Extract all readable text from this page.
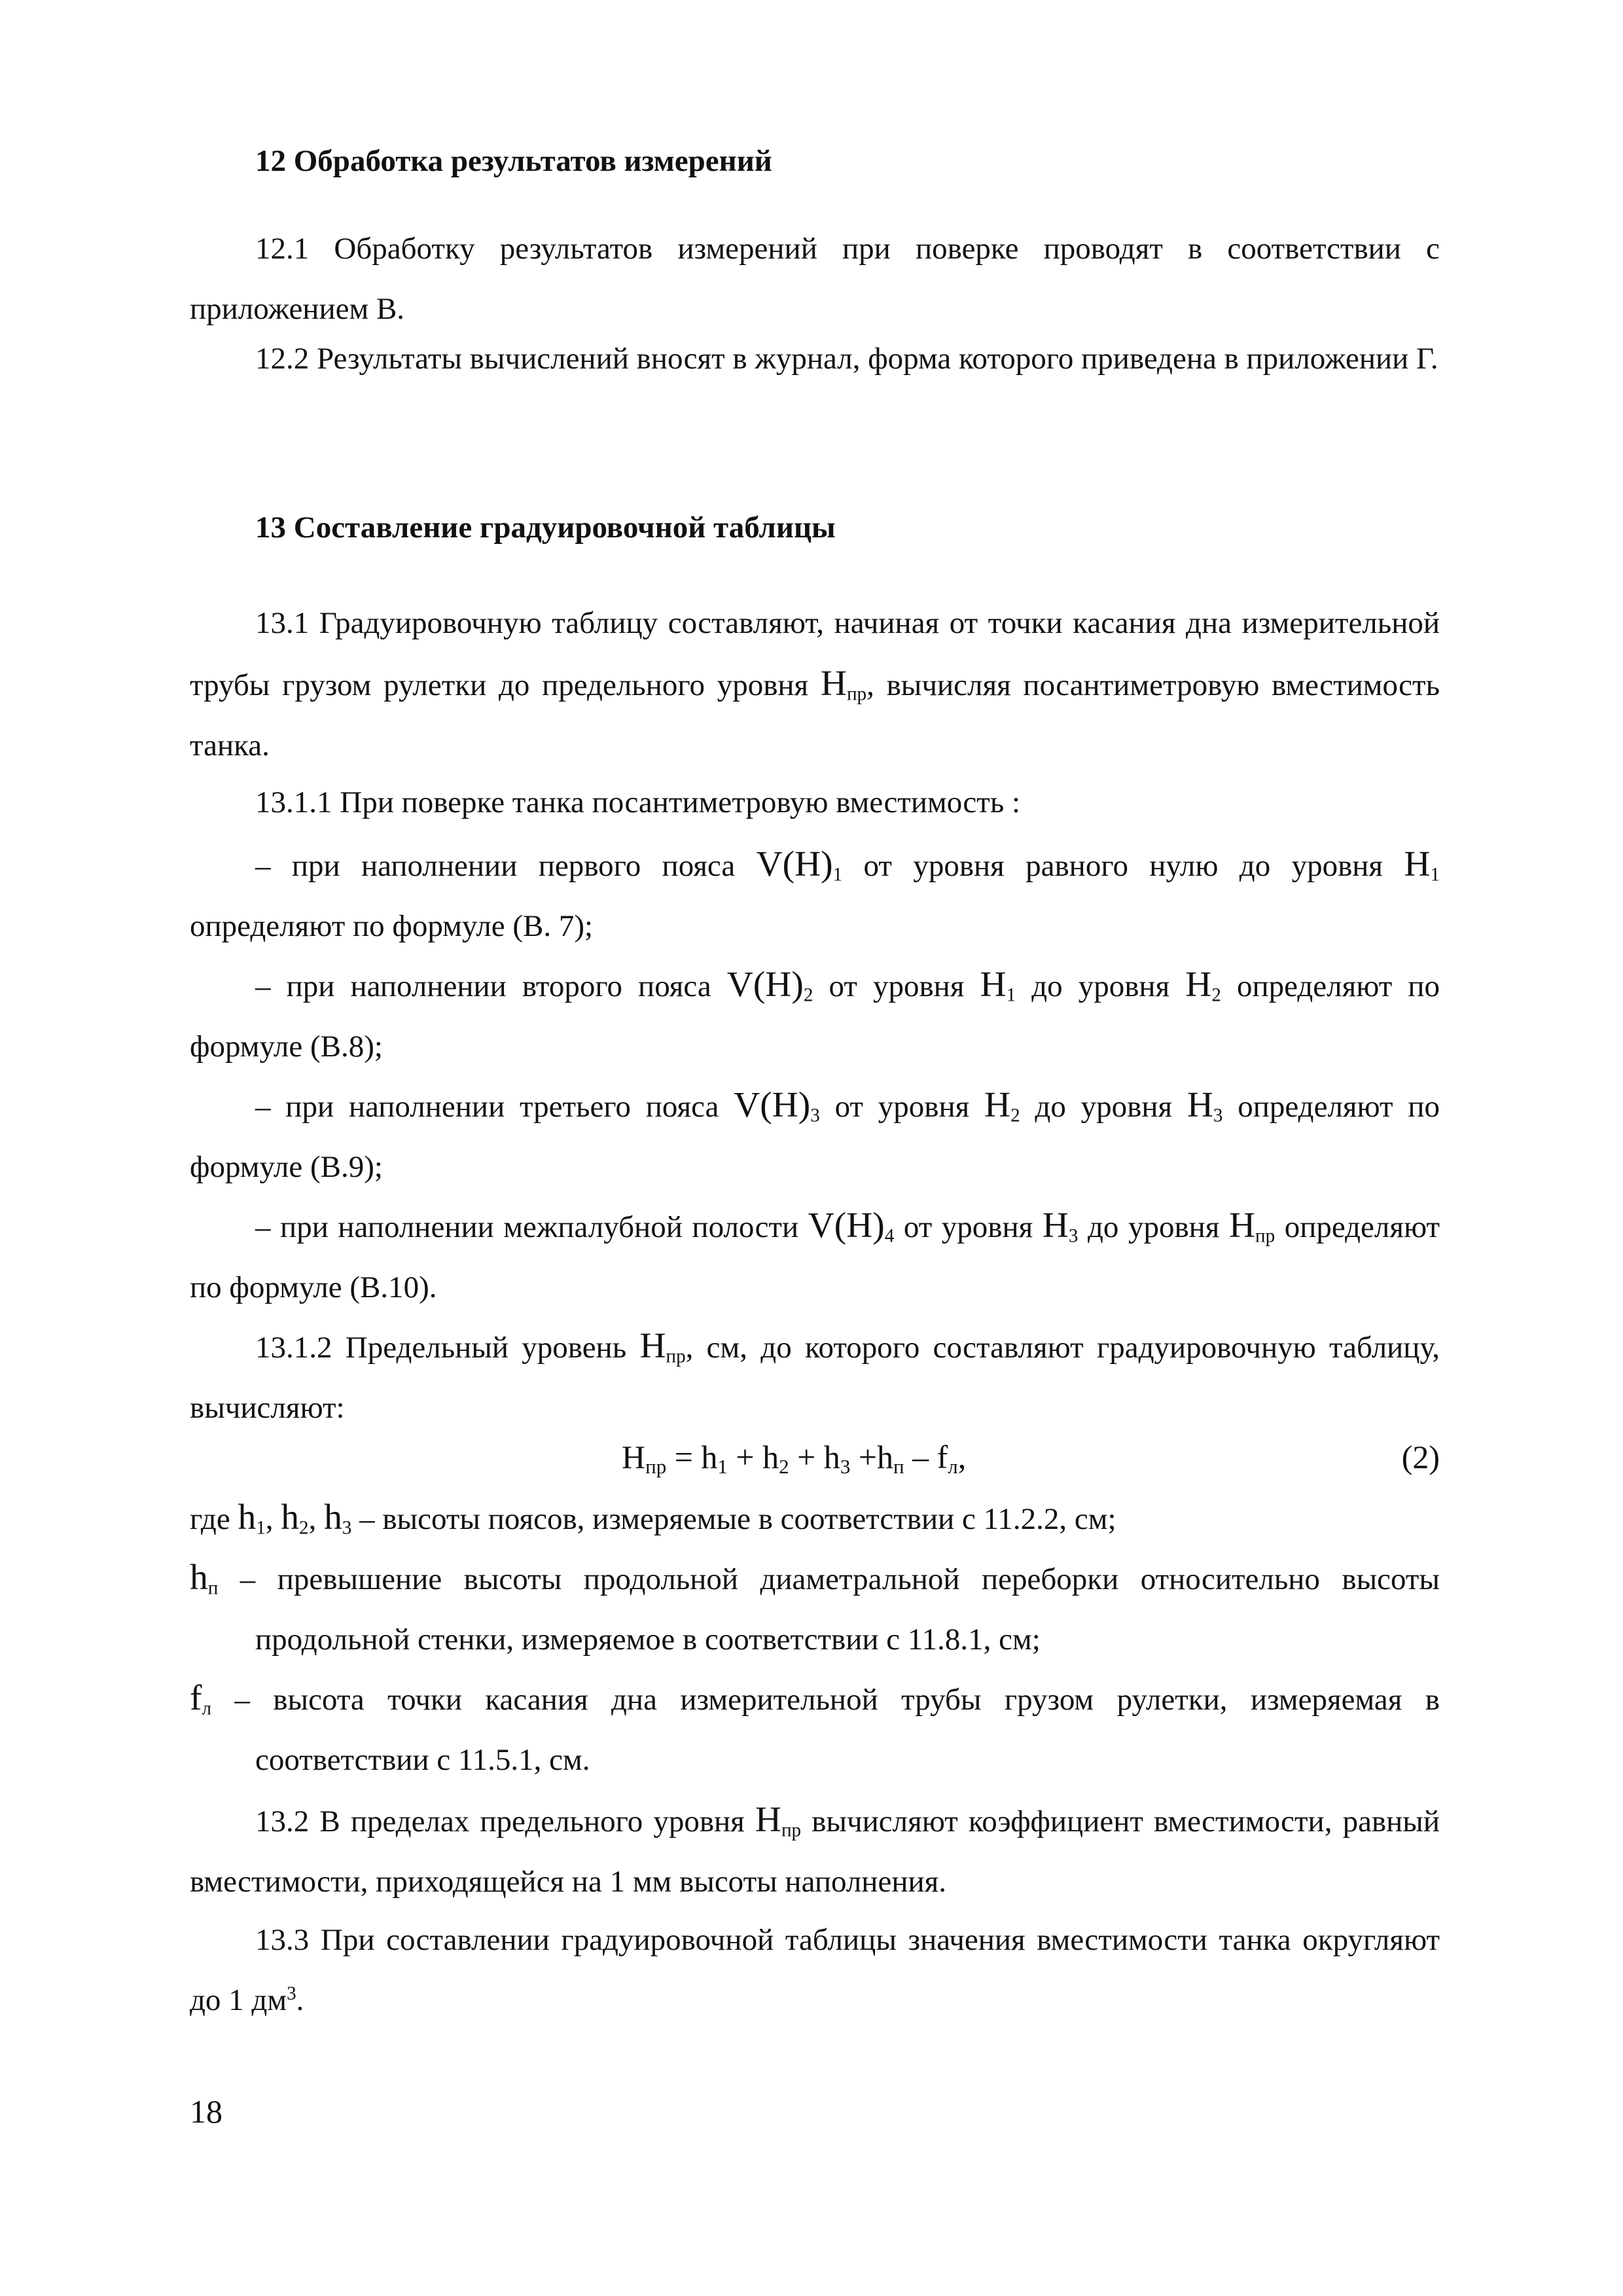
12 Обработка результатов измерений

12.1 Обработку результатов измерений при поверке проводят в соответствии с приложением В.

12.2 Результаты вычислений вносят в журнал, форма которого приведена в приложении Г.

13 Составление градуировочной таблицы

13.1 Градуировочную таблицу составляют, начиная от точки касания дна измерительной трубы грузом рулетки до предельного уровня $H_{пр}$, вычисляя посантиметровую вместимость танка.

13.1.1 При поверке танка посантиметровую вместимость :

– при наполнении первого пояса $V(H)_1$ от уровня равного нулю до уровня $H_1$ определяют по формуле (В. 7);

– при наполнении второго пояса $V(H)_2$ от уровня $H_1$ до уровня $H_2$ определяют по формуле (В.8);

– при наполнении третьего пояса $V(H)_3$ от уровня $H_2$ до уровня $H_3$ определяют по формуле (В.9);

– при наполнении межпалубной полости $V(H)_4$ от уровня $H_3$ до уровня $H_{пр}$ определяют по формуле (В.10).

13.1.2 Предельный уровень $H_{пр}$, см, до которого составляют градуировочную таблицу, вычисляют:

$H_{пр} = h_1 + h_2 + h_3 +h_п - f_л$,	(2)

где $h_1$, $h_2$, $h_3$ – высоты поясов, измеряемые в соответствии с 11.2.2, см;

$h_п$ – превышение высоты продольной диаметральной переборки относительно высоты продольной стенки, измеряемое в соответствии с 11.8.1, см;

$f_л$ – высота точки касания дна измерительной трубы грузом рулетки, измеряемая в соответствии с 11.5.1, см.

13.2 В пределах предельного уровня $H_{пр}$ вычисляют коэффициент вместимости, равный вместимости, приходящейся на 1 мм высоты наполнения.

13.3 При составлении градуировочной таблицы значения вместимости танка округляют до 1 $дм^3$.

18
